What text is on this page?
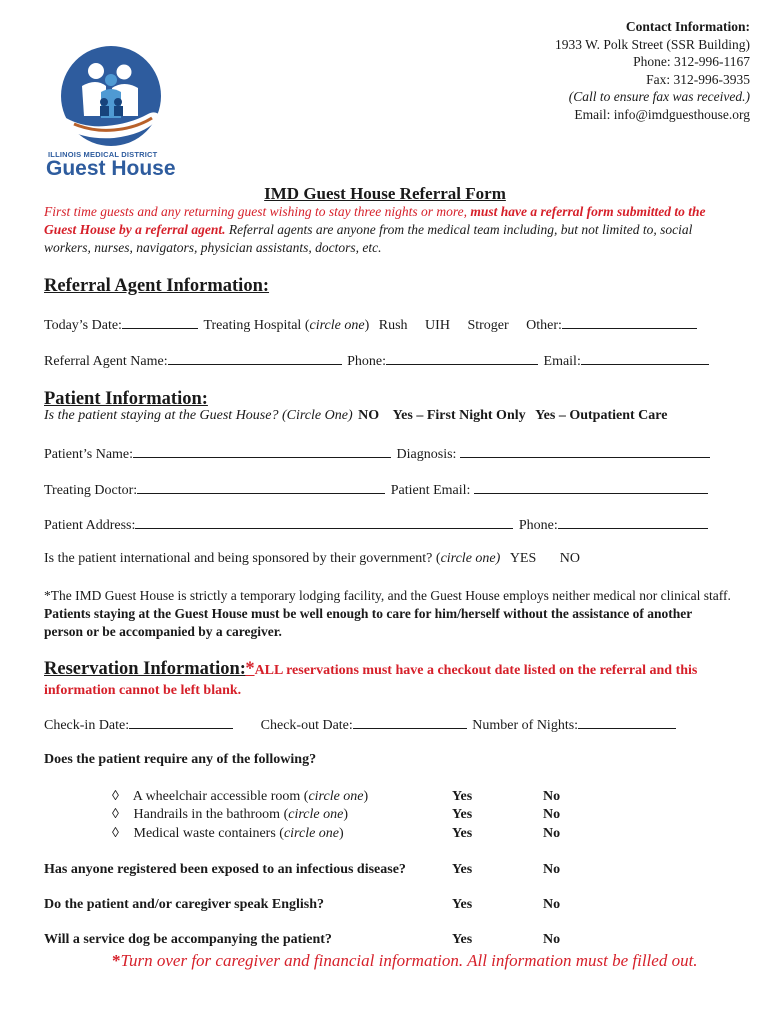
ILLINOIS MEDICAL DISTRICT
Guest House
Contact Information:
1933 W. Polk Street (SSR Building)
Phone: 312-996-1167
Fax: 312-996-3935
(Call to ensure fax was received.)
Email: info@imdguesthouse.org
IMD Guest House Referral Form
First time guests and any returning guest wishing to stay three nights or more, must have a referral form submitted to the Guest House by a referral agent. Referral agents are anyone from the medical team including, but not limited to, social workers, nurses, navigators, physician assistants, doctors, etc.
Referral Agent Information:
Today’s Date:	Treating Hospital (circle one) Rush UIH Stroger Other:
Referral Agent Name:	Phone:	Email:
Patient Information:
Is the patient staying at the Guest House? (Circle One) NO Yes – First Night Only Yes – Outpatient Care
Patient’s Name:	Diagnosis:
Treating Doctor:	Patient Email:
Patient Address:	Phone:
Is the patient international and being sponsored by their government? (circle one) YES NO
*The IMD Guest House is strictly a temporary lodging facility, and the Guest House employs neither medical nor clinical staff. Patients staying at the Guest House must be well enough to care for him/herself without the assistance of another person or be accompanied by a caregiver.
Reservation Information: *ALL reservations must have a checkout date listed on the referral and this information cannot be left blank.
Check-in Date:	Check-out Date:	Number of Nights:
Does the patient require any of the following?
◊ A wheelchair accessible room (circle one)	Yes	No
◊ Handrails in the bathroom (circle one)	Yes	No
◊ Medical waste containers (circle one)	Yes	No
Has anyone registered been exposed to an infectious disease?	Yes	No
Do the patient and/or caregiver speak English?	Yes	No
Will a service dog be accompanying the patient?	Yes	No
*Turn over for caregiver and financial information. All information must be filled out.
